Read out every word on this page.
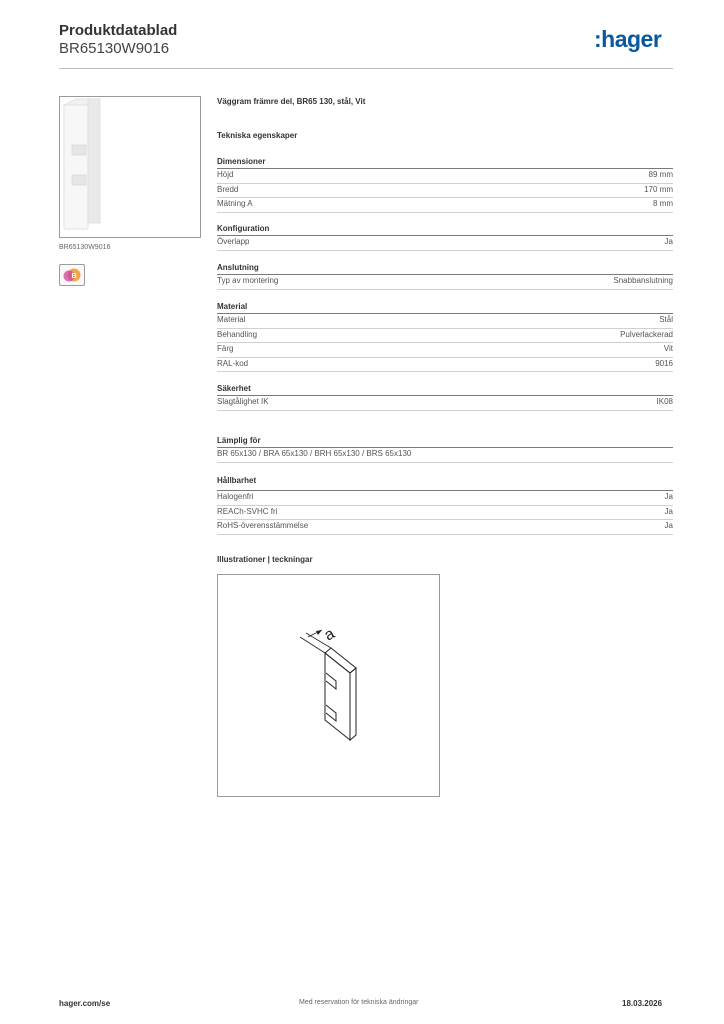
Produktdatablad
BR65130W9016	:hager
BR65130W9016
B
Väggram främre del, BR65 130, stål, Vit
Tekniska egenskaper
Dimensioner
Höjd	89 mm
Bredd	170 mm
Mätning A	8 mm
Konfiguration
Överlapp	Ja
Anslutning
Typ av montering	Snabbanslutning
Material
Material	Stål
Behandling	Pulverlackerad
Färg	Vit
RAL-kod	9016
Säkerhet
Slagtålighet IK	IK08
Lämplig för
BR 65x130 / BRA 65x130 / BRH 65x130 / BRS 65x130
Hållbarhet
Halogenfri	Ja
REACh-SVHC fri	Ja
RoHS-överensstämmelse	Ja
Illustrationer | teckningar
a
hager.com/se	Med reservation för tekniska ändringar	18.03.2026
